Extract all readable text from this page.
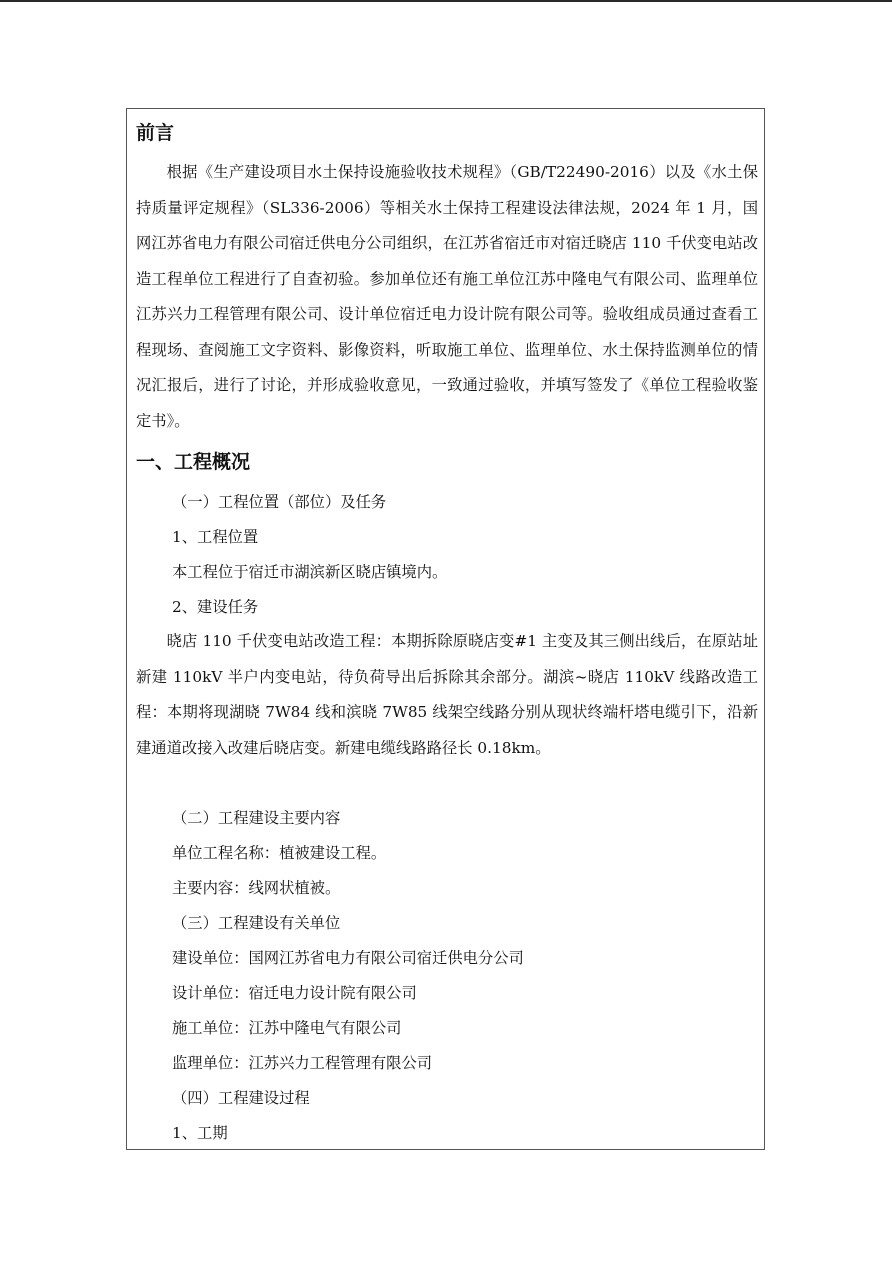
前言

根据《生产建设项目水土保持设施验收技术规程》（GB/T22490-2016）以及《水土保持质量评定规程》（SL336-2006）等相关水土保持工程建设法律法规，2024 年 1 月，国网江苏省电力有限公司宿迁供电分公司组织，在江苏省宿迁市对宿迁晓店 110 千伏变电站改造工程单位工程进行了自查初验。参加单位还有施工单位江苏中隆电气有限公司、监理单位江苏兴力工程管理有限公司、设计单位宿迁电力设计院有限公司等。验收组成员通过查看工程现场、查阅施工文字资料、影像资料，听取施工单位、监理单位、水土保持监测单位的情况汇报后，进行了讨论，并形成验收意见，一致通过验收，并填写签发了《单位工程验收鉴定书》。

一、工程概况
（一）工程位置（部位）及任务
1、工程位置
本工程位于宿迁市湖滨新区晓店镇境内。
2、建设任务

晓店 110 千伏变电站改造工程：本期拆除原晓店变#1 主变及其三侧出线后，在原站址新建 110kV 半户内变电站，待负荷导出后拆除其余部分。湖滨~晓店 110kV 线路改造工程：本期将现湖晓 7W84 线和滨晓 7W85 线架空线路分别从现状终端杆塔电缆引下，沿新建通道改接入改建后晓店变。新建电缆线路路径长 0.18km。

（二）工程建设主要内容
单位工程名称：植被建设工程。
主要内容：线网状植被。
（三）工程建设有关单位
建设单位：国网江苏省电力有限公司宿迁供电分公司
设计单位：宿迁电力设计院有限公司
施工单位：江苏中隆电气有限公司
监理单位：江苏兴力工程管理有限公司
（四）工程建设过程
1、工期
